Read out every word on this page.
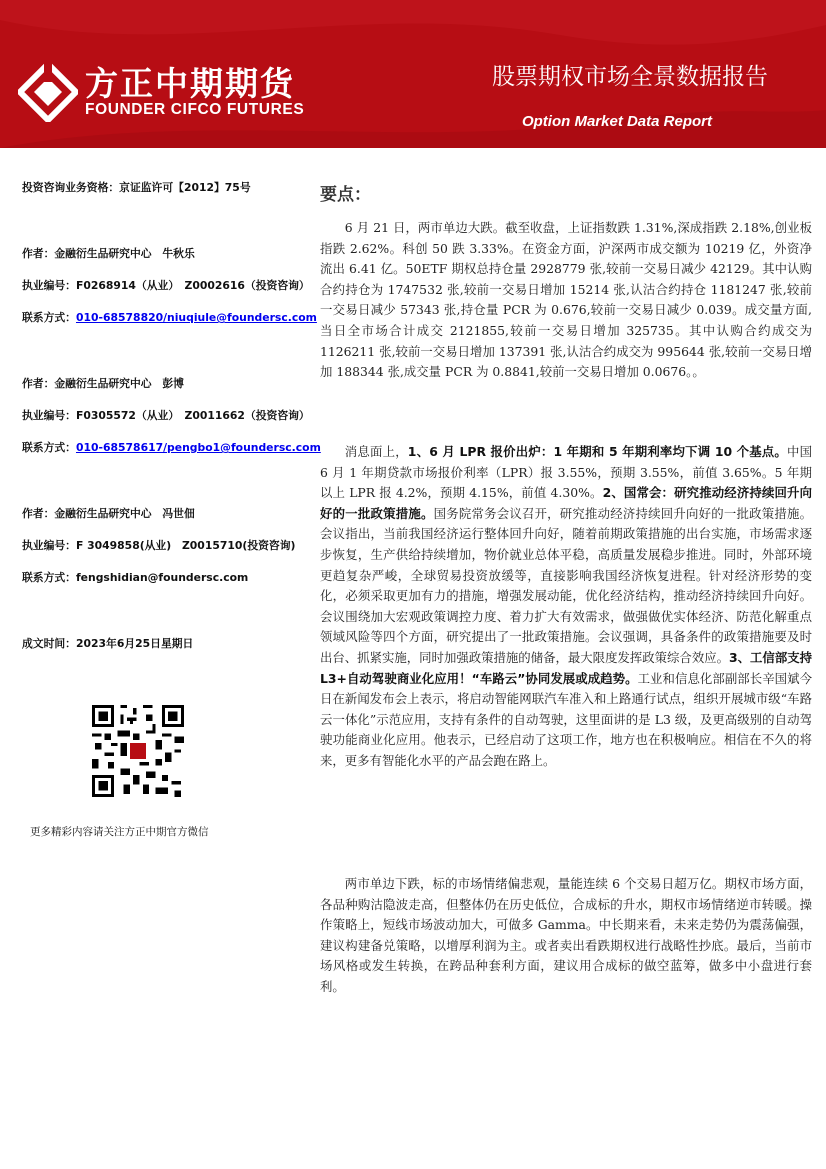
方正中期期货
FOUNDER CIFCO FUTURES
股票期权市场全景数据报告
Option Market Data Report
投资咨询业务资格：京证监许可【2012】75号
作者：金融衍生品研究中心　牛秋乐
执业编号：F0268914（从业）　Z0002616（投资咨询）
联系方式：010-68578820/niuqiule@foundersc.com
作者：金融衍生品研究中心　彭博
执业编号：F0305572（从业）　Z0011662（投资咨询）
联系方式：010-68578617/pengbo1@foundersc.com
作者：金融衍生品研究中心　冯世佃
执业编号：F 3049858(从业)　Z0015710(投资咨询)
联系方式：fengshidian@foundersc.com
成文时间：2023年6月25日星期日
更多精彩内容请关注方正中期官方微信
要点：
6 月 21 日，两市单边大跌。截至收盘，上证指数跌 1.31%,深成指跌 2.18%,创业板指跌 2.62%。科创 50 跌 3.33%。在资金方面，沪深两市成交额为 10219 亿，外资净流出 6.41 亿。50ETF 期权总持仓量 2928779 张,较前一交易日减少 42129。其中认购合约持仓为 1747532 张,较前一交易日增加 15214 张,认沽合约持仓 1181247 张,较前一交易日减少 57343 张,持仓量 PCR 为 0.676,较前一交易日减少 0.039。成交量方面,当日全市场合计成交 2121855,较前一交易日增加 325735。其中认购合约成交为 1126211 张,较前一交易日增加 137391 张,认沽合约成交为 995644 张,较前一交易日增加 188344 张,成交量 PCR 为 0.8841,较前一交易日增加 0.0676。。
消息面上，1、6 月 LPR 报价出炉：1 年期和 5 年期利率均下调 10 个基点。中国 6 月 1 年期贷款市场报价利率（LPR）报 3.55%，预期 3.55%，前值 3.65%。5 年期以上 LPR 报 4.2%，预期 4.15%，前值 4.30%。2、国常会：研究推动经济持续回升向好的一批政策措施。国务院常务会议召开，研究推动经济持续回升向好的一批政策措施。会议指出，当前我国经济运行整体回升向好，随着前期政策措施的出台实施，市场需求逐步恢复，生产供给持续增加，物价就业总体平稳，高质量发展稳步推进。同时，外部环境更趋复杂严峻，全球贸易投资放缓等，直接影响我国经济恢复进程。针对经济形势的变化，必须采取更加有力的措施，增强发展动能，优化经济结构，推动经济持续回升向好。会议围绕加大宏观政策调控力度、着力扩大有效需求，做强做优实体经济、防范化解重点领域风险等四个方面，研究提出了一批政策措施。会议强调，具备条件的政策措施要及时出台、抓紧实施，同时加强政策措施的储备，最大限度发挥政策综合效应。3、工信部支持 L3+自动驾驶商业化应用！“车路云”协同发展或成趋势。工业和信息化部副部长辛国斌今日在新闻发布会上表示，将启动智能网联汽车准入和上路通行试点，组织开展城市级“车路云一体化”示范应用，支持有条件的自动驾驶，这里面讲的是 L3 级，及更高级别的自动驾驶功能商业化应用。他表示，已经启动了这项工作，地方也在积极响应。相信在不久的将来，更多有智能化水平的产品会跑在路上。
两市单边下跌，标的市场情绪偏悲观，量能连续 6 个交易日超万亿。期权市场方面，各品种购沽隐波走高，但整体仍在历史低位，合成标的升水，期权市场情绪逆市转暖。操作策略上，短线市场波动加大，可做多 Gamma。中长期来看，未来走势仍为震荡偏强，建议构建备兑策略，以增厚利润为主。或者卖出看跌期权进行战略性抄底。最后，当前市场风格或发生转换，在跨品种套利方面，建议用合成标的做空蓝筹，做多中小盘进行套利。
